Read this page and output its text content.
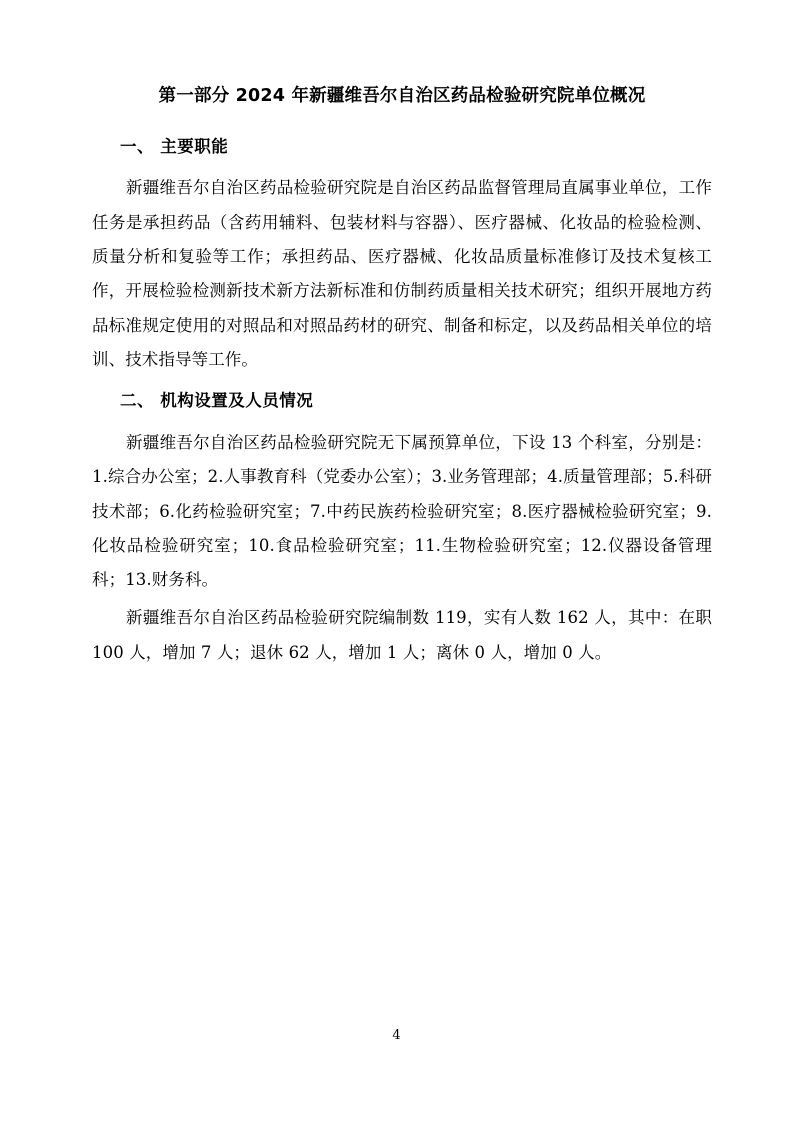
第一部分 2024 年新疆维吾尔自治区药品检验研究院单位概况
一、 主要职能

新疆维吾尔自治区药品检验研究院是自治区药品监督管理局直属事业单位，工作任务是承担药品（含药用辅料、包装材料与容器）、医疗器械、化妆品的检验检测、质量分析和复验等工作；承担药品、医疗器械、化妆品质量标准修订及技术复核工作，开展检验检测新技术新方法新标准和仿制药质量相关技术研究；组织开展地方药品标准规定使用的对照品和对照品药材的研究、制备和标定，以及药品相关单位的培训、技术指导等工作。

二、 机构设置及人员情况

新疆维吾尔自治区药品检验研究院无下属预算单位，下设 13 个科室，分别是：1.综合办公室；2.人事教育科（党委办公室）；3.业务管理部；4.质量管理部；5.科研技术部；6.化药检验研究室；7.中药民族药检验研究室；8.医疗器械检验研究室；9.化妆品检验研究室；10.食品检验研究室；11.生物检验研究室；12.仪器设备管理科；13.财务科。

新疆维吾尔自治区药品检验研究院编制数 119，实有人数 162 人，其中：在职 100 人，增加 7 人；退休 62 人，增加 1 人；离休 0 人，增加 0 人。

4
